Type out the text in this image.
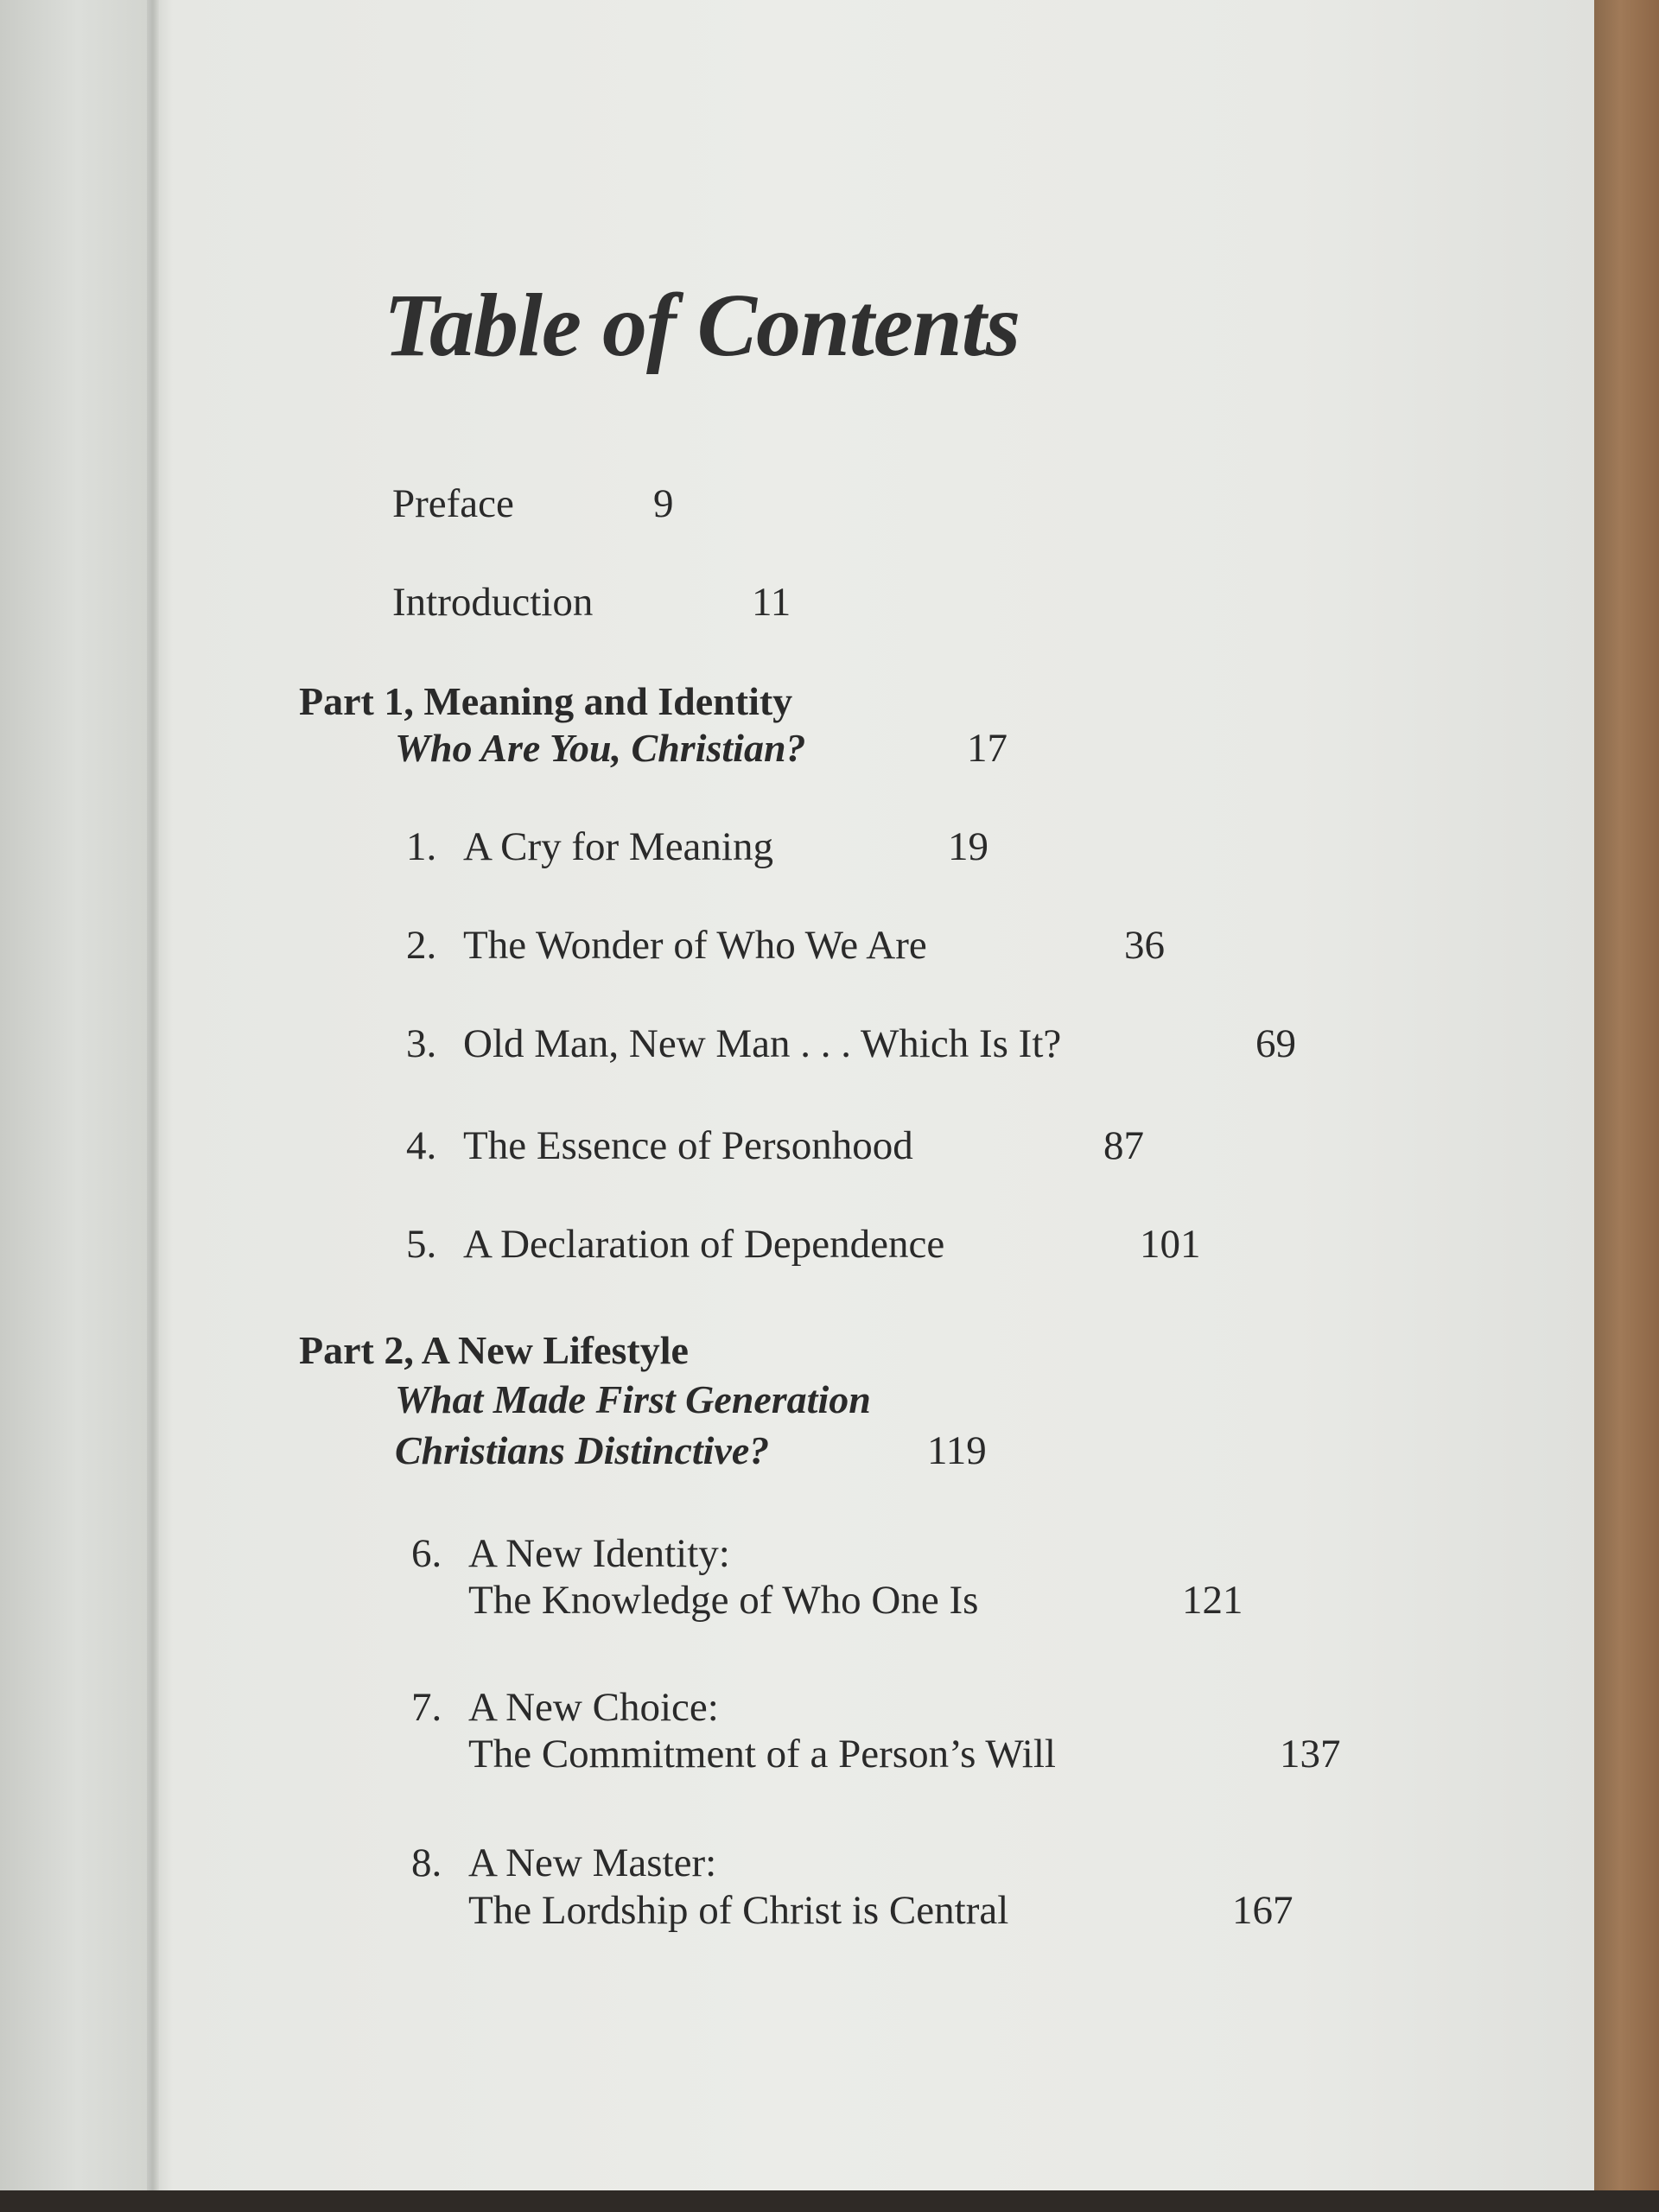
Table of Contents
Preface	9
Introduction	11
Part 1, Meaning and Identity
Who Are You, Christian?	17
1. A Cry for Meaning	19
2. The Wonder of Who We Are	36
3. Old Man, New Man . . . Which Is It?	69
4. The Essence of Personhood	87
5. A Declaration of Dependence	101
Part 2, A New Lifestyle
What Made First Generation
Christians Distinctive?	119
6. A New Identity:
The Knowledge of Who One Is	121
7. A New Choice:
The Commitment of a Person’s Will	137
8. A New Master:
The Lordship of Christ is Central	167
